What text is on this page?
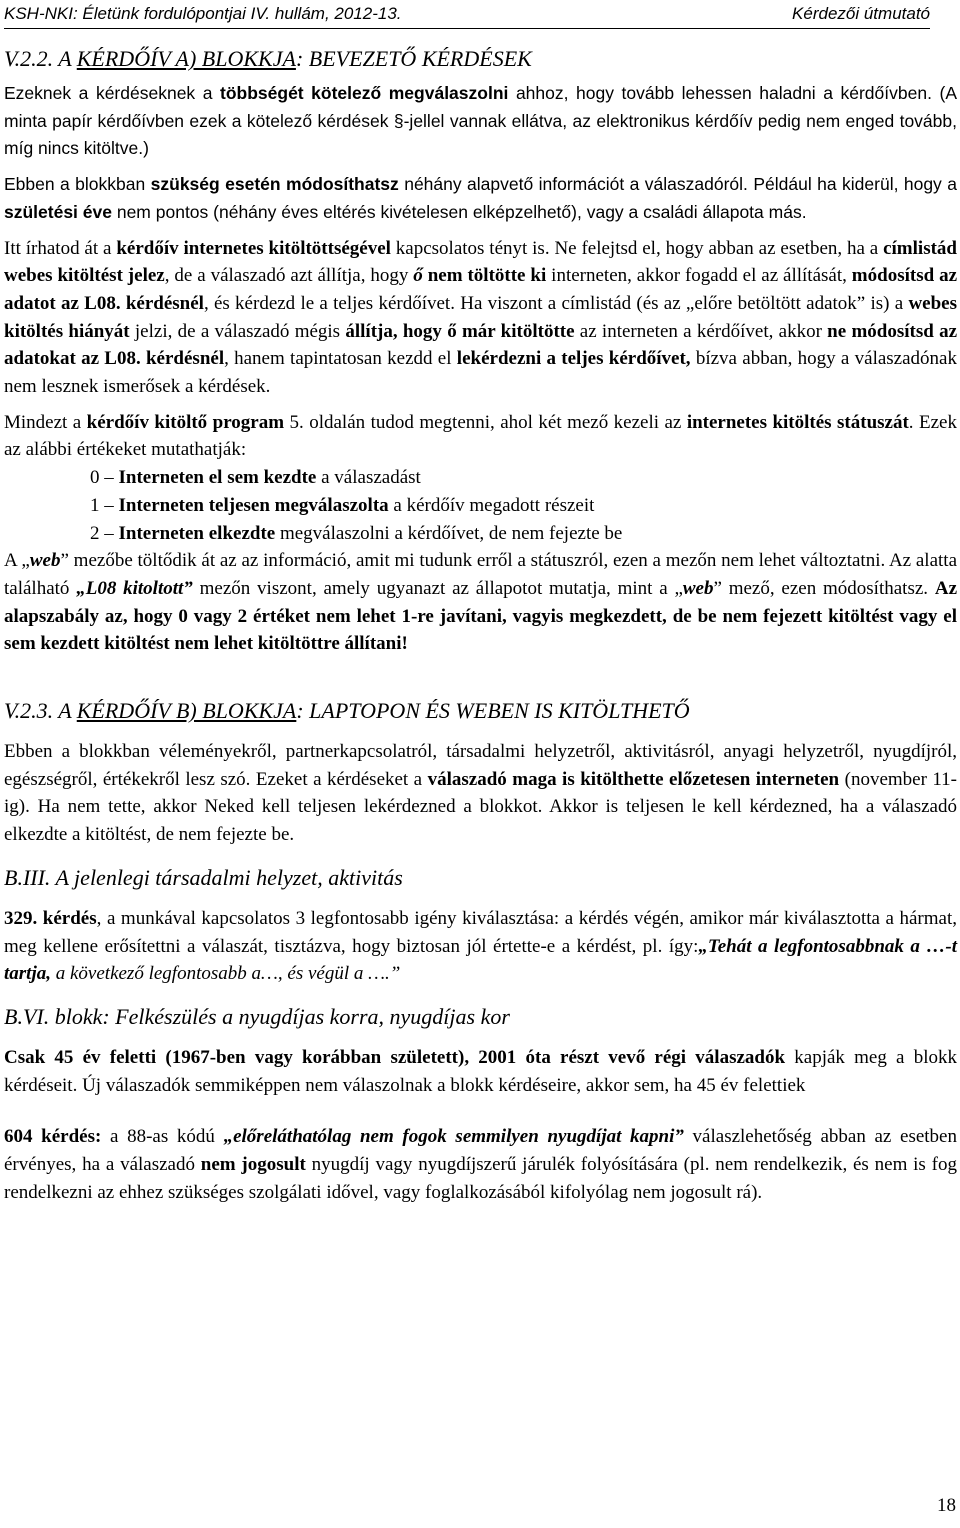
KSH-NKI: Életünk fordulópontjai IV. hullám, 2012-13.	Kérdezői útmutató

V.2.2. A KÉRDŐÍV A) BLOKKJA: BEVEZETŐ KÉRDÉSEK

Ezeknek a kérdéseknek a többségét kötelező megválaszolni ahhoz, hogy tovább lehessen haladni a kérdőívben. (A minta papír kérdőívben ezek a kötelező kérdések §-jellel vannak ellátva, az elektronikus kérdőív pedig nem enged tovább, míg nincs kitöltve.)

Ebben a blokkban szükség esetén módosíthatsz néhány alapvető információt a válaszadóról. Például ha kiderül, hogy a születési éve nem pontos (néhány éves eltérés kivételesen elképzelhető), vagy a családi állapota más.

Itt írhatod át a kérdőív internetes kitöltöttségével kapcsolatos tényt is. Ne felejtsd el, hogy abban az esetben, ha a címlistád webes kitöltést jelez, de a válaszadó azt állítja, hogy ő nem töltötte ki interneten, akkor fogadd el az állítását, módosítsd az adatot az L08. kérdésnél, és kérdezd le a teljes kérdőívet. Ha viszont a címlistád (és az „előre betöltött adatok” is) a webes kitöltés hiányát jelzi, de a válaszadó mégis állítja, hogy ő már kitöltötte az interneten a kérdőívet, akkor ne módosítsd az adatokat az L08. kérdésnél, hanem tapintatosan kezdd el lekérdezni a teljes kérdőívet, bízva abban, hogy a válaszadónak nem lesznek ismerősek a kérdések.

Mindezt a kérdőív kitöltő program 5. oldalán tudod megtenni, ahol két mező kezeli az internetes kitöltés státuszát. Ezek az alábbi értékeket mutathatják:

0 – Interneten el sem kezdte a válaszadást

1 – Interneten teljesen megválaszolta a kérdőív megadott részeit

2 – Interneten elkezdte megválaszolni a kérdőívet, de nem fejezte be

A „web” mezőbe töltődik át az az információ, amit mi tudunk erről a státuszról, ezen a mezőn nem lehet változtatni. Az alatta található „L08 kitoltott” mezőn viszont, amely ugyanazt az állapotot mutatja, mint a „web” mező, ezen módosíthatsz. Az alapszabály az, hogy 0 vagy 2 értéket nem lehet 1-re javítani, vagyis megkezdett, de be nem fejezett kitöltést vagy el sem kezdett kitöltést nem lehet kitöltöttre állítani!

V.2.3. A KÉRDŐÍV B) BLOKKJA: LAPTOPON ÉS WEBEN IS KITÖLTHETŐ

Ebben a blokkban véleményekről, partnerkapcsolatról, társadalmi helyzetről, aktivitásról, anyagi helyzetről, nyugdíjról, egészségről, értékekről lesz szó. Ezeket a kérdéseket a válaszadó maga is kitölthette előzetesen interneten (november 11-ig). Ha nem tette, akkor Neked kell teljesen lekérdezned a blokkot. Akkor is teljesen le kell kérdezned, ha a válaszadó elkezdte a kitöltést, de nem fejezte be.

B.III. A jelenlegi társadalmi helyzet, aktivitás

329. kérdés, a munkával kapcsolatos 3 legfontosabb igény kiválasztása: a kérdés végén, amikor már kiválasztotta a hármat, meg kellene erősítettni a válaszát, tisztázva, hogy biztosan jól értette-e a kérdést, pl. így:„Tehát a legfontosabbnak a …-t tartja, a következő legfontosabb a…, és végül a ….”

B.VI. blokk: Felkészülés a nyugdíjas korra, nyugdíjas kor

Csak 45 év feletti (1967-ben vagy korábban született), 2001 óta részt vevő régi válaszadók kapják meg a blokk kérdéseit. Új válaszadók semmiképpen nem válaszolnak a blokk kérdéseire, akkor sem, ha 45 év felettiek

604 kérdés: a 88-as kódú „előreláthatólag nem fogok semmilyen nyugdíjat kapni” válaszlehetőség abban az esetben érvényes, ha a válaszadó nem jogosult nyugdíj vagy nyugdíjszerű járulék folyósítására (pl. nem rendelkezik, és nem is fog rendelkezni az ehhez szükséges szolgálati idővel, vagy foglalkozásából kifolyólag nem jogosult rá).

18
